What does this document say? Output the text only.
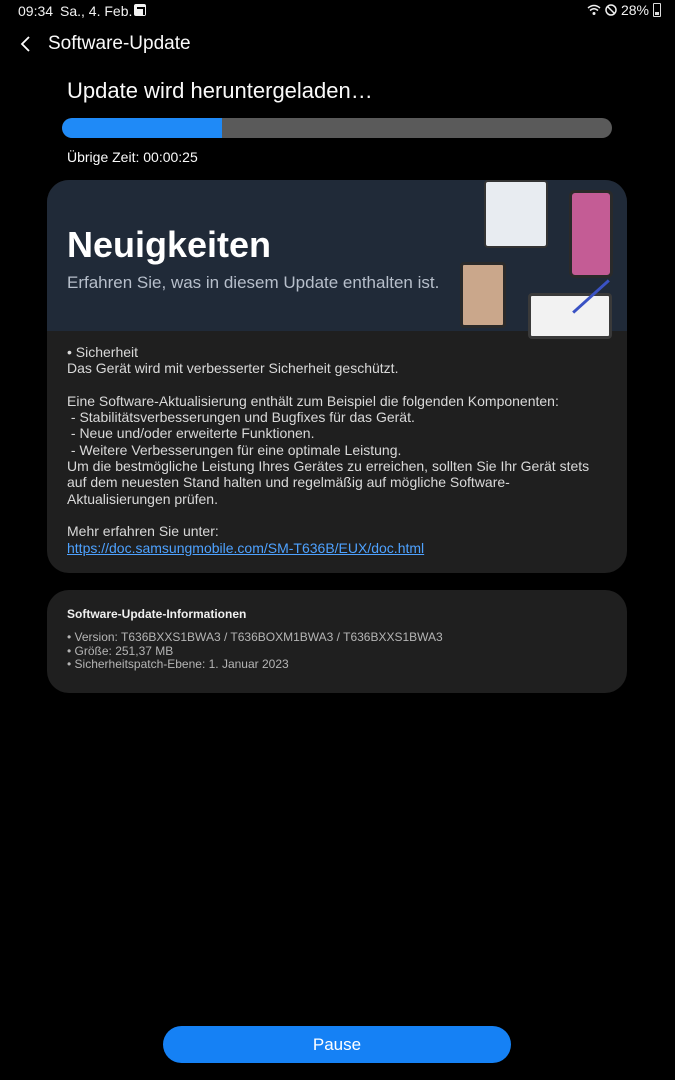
09:34 Sa., 4. Feb.	28%
Software-Update
Update wird heruntergeladen…
Übrige Zeit: 00:00:25
Neuigkeiten
Erfahren Sie, was in diesem Update enthalten ist.

• Sicherheit

Das Gerät wird mit verbesserter Sicherheit geschützt.

Eine Software-Aktualisierung enthält zum Beispiel die folgenden Komponenten:

- Stabilitätsverbesserungen und Bugfixes für das Gerät.

- Neue und/oder erweiterte Funktionen.

- Weitere Verbesserungen für eine optimale Leistung.

Um die bestmögliche Leistung Ihres Gerätes zu erreichen, sollten Sie Ihr Gerät stets auf dem neuesten Stand halten und regelmäßig auf mögliche Software-Aktualisierungen prüfen.

Mehr erfahren Sie unter:

https://doc.samsungmobile.com/SM-T636B/EUX/doc.html

Software-Update-Informationen
• Version: T636BXXS1BWA3 / T636BOXM1BWA3 / T636BXXS1BWA3
• Größe: 251,37 MB
• Sicherheitspatch-Ebene: 1. Januar 2023
Pause
